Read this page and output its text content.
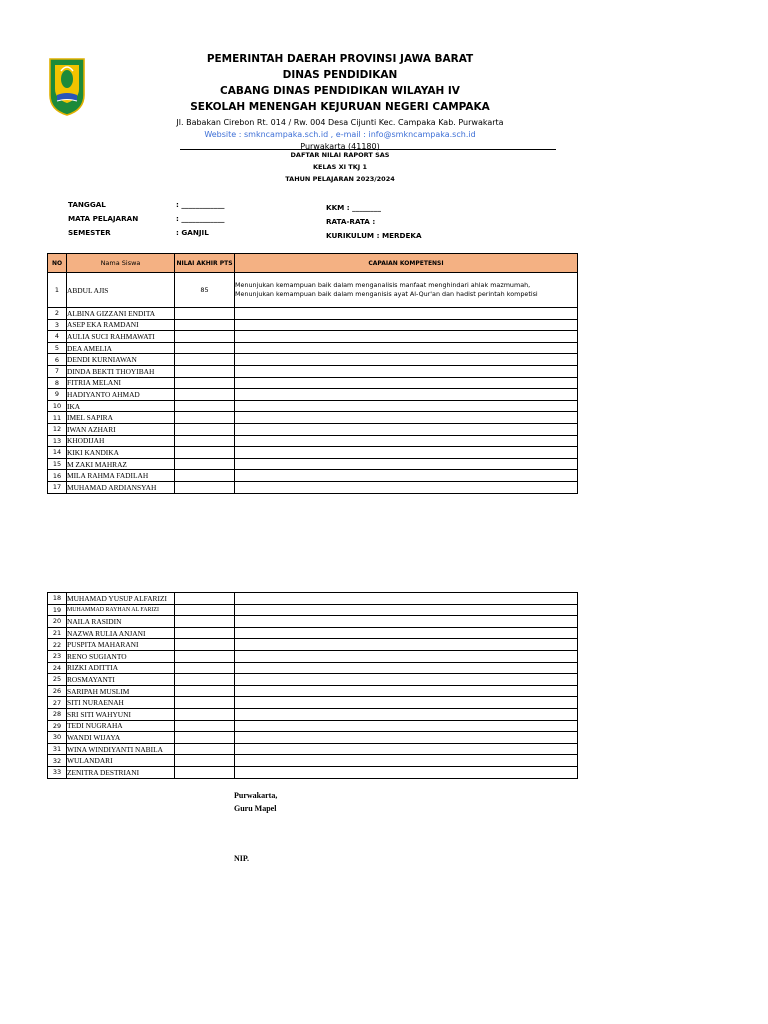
PEMERINTAH DAERAH PROVINSI JAWA BARAT
DINAS PENDIDIKAN
CABANG DINAS PENDIDIKAN WILAYAH IV
SEKOLAH MENENGAH KEJURUAN NEGERI CAMPAKA
Jl. Babakan Cirebon Rt. 014 / Rw. 004 Desa Cijunti Kec. Campaka Kab. Purwakarta
Website : smkncampaka.sch.id , e-mail : info@smkncampaka.sch.id
Purwakarta (41180)
DAFTAR NILAI RAPORT SAS
KELAS XI TKJ 1
TAHUN PELAJARAN 2023/2024
TANGGAL	: ____________
MATA PELAJARAN	: ____________
SEMESTER	: GANJIL
KKM : ________
RATA-RATA :
KURIKULUM : MERDEKA
NO	Nama Siswa	NILAI AKHIR PTS	CAPAIAN KOMPETENSI
1	ABDUL AJIS	85	Menunjukan kemampuan baik dalam menganalisis manfaat menghindari ahlak mazmumah,
Menunjukan kemampuan baik dalam menganisis ayat Al-Qur'an dan hadist perintah kompetisi

2	ALBINA GIZZANI ENDITA		
3	ASEP EKA RAMDANI		
4	AULIA SUCI RAHMAWATI		
5	DEA AMELIA		
6	DENDI KURNIAWAN		
7	DINDA BEKTI THOYIBAH		
8	FITRIA MELANI		
9	HADIYANTO AHMAD		
10	IKA		
11	IMEL SAPIRA		
12	IWAN AZHARI		
13	KHODIJAH		
14	KIKI KANDIKA		
15	M ZAKI MAHRAZ		
16	MILA RAHMA FADILAH		
17	MUHAMAD ARDIANSYAH		
18	MUHAMAD YUSUP ALFARIZI		
19	MUHAMMAD RAYHAN AL FARIZI		
20	NAILA RASIDIN		
21	NAZWA RULIA ANJANI		
22	PUSPITA MAHARANI		
23	RENO SUGIANTO		
24	RIZKI ADITTIA		
25	ROSMAYANTI		
26	SARIPAH MUSLIM		
27	SITI NURAENAH		
28	SRI SITI WAHYUNI		
29	TEDI NUGRAHA		
30	WANDI WIJAYA		
31	WINA WINDIYANTI NABILA		
32	WULANDARI		
33	ZENITRA DESTRIANI		
Purwakarta,
Guru Mapel
NIP.
